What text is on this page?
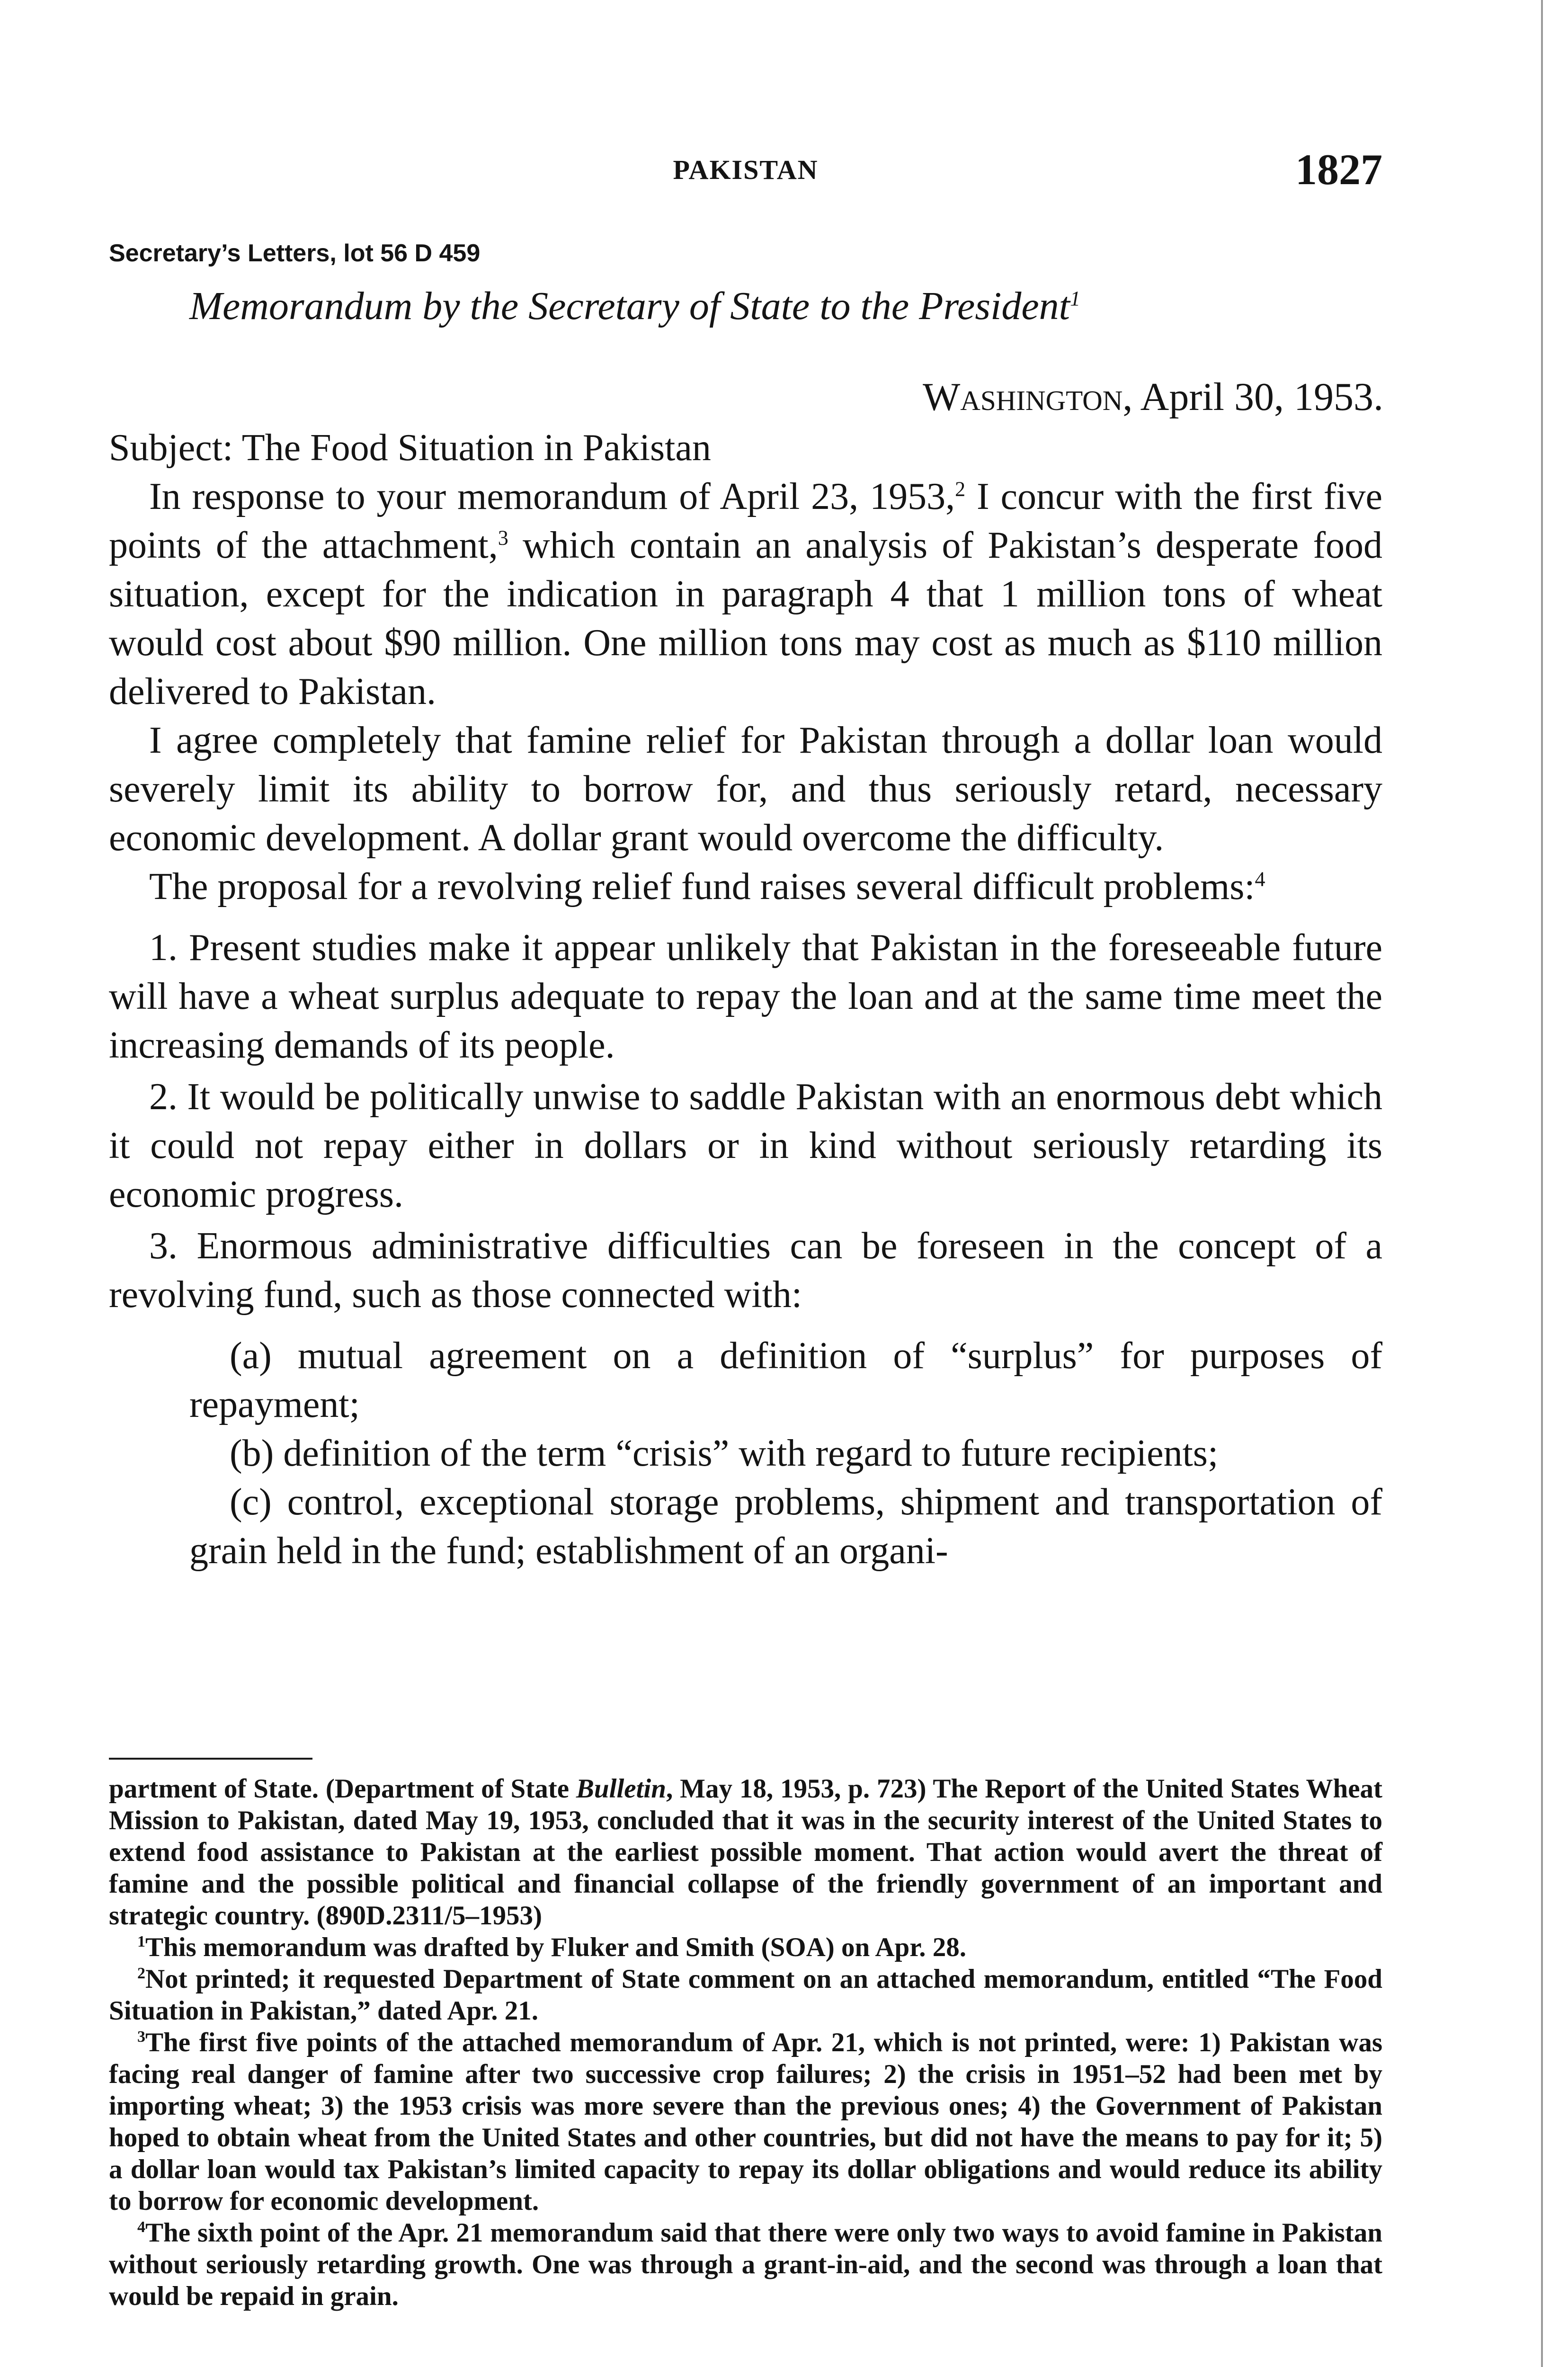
PAKISTAN	1827
Secretary’s Letters, lot 56 D 459
Memorandum by the Secretary of State to the President$^1$
Washington, April 30, 1953.

Subject: The Food Situation in Pakistan

In response to your memorandum of April 23, 1953,$^2$ I concur with the first five points of the attachment,$^3$ which contain an analysis of Pakistan’s desperate food situation, except for the indication in paragraph 4 that 1 million tons of wheat would cost about $90 million. One million tons may cost as much as $110 million delivered to Pakistan.

I agree completely that famine relief for Pakistan through a dollar loan would severely limit its ability to borrow for, and thus seriously retard, necessary economic development. A dollar grant would overcome the difficulty.

The proposal for a revolving relief fund raises several difficult problems:$^4$

1. Present studies make it appear unlikely that Pakistan in the foreseeable future will have a wheat surplus adequate to repay the loan and at the same time meet the increasing demands of its people.

2. It would be politically unwise to saddle Pakistan with an enormous debt which it could not repay either in dollars or in kind without seriously retarding its economic progress.

3. Enormous administrative difficulties can be foreseen in the concept of a revolving fund, such as those connected with:

(a) mutual agreement on a definition of “surplus” for purposes of repayment;

(b) definition of the term “crisis” with regard to future recipients;

(c) control, exceptional storage problems, shipment and transportation of grain held in the fund; establishment of an organi-

partment of State. (Department of State Bulletin, May 18, 1953, p. 723) The Report of the United States Wheat Mission to Pakistan, dated May 19, 1953, concluded that it was in the security interest of the United States to extend food assistance to Pakistan at the earliest possible moment. That action would avert the threat of famine and the possible political and financial collapse of the friendly government of an important and strategic country. (890D.2311/5–1953)

$^1$This memorandum was drafted by Fluker and Smith (SOA) on Apr. 28.

$^2$Not printed; it requested Department of State comment on an attached memorandum, entitled “The Food Situation in Pakistan,” dated Apr. 21.

$^3$The first five points of the attached memorandum of Apr. 21, which is not printed, were: 1) Pakistan was facing real danger of famine after two successive crop failures; 2) the crisis in 1951–52 had been met by importing wheat; 3) the 1953 crisis was more severe than the previous ones; 4) the Government of Pakistan hoped to obtain wheat from the United States and other countries, but did not have the means to pay for it; 5) a dollar loan would tax Pakistan’s limited capacity to repay its dollar obligations and would reduce its ability to borrow for economic development.

$^4$The sixth point of the Apr. 21 memorandum said that there were only two ways to avoid famine in Pakistan without seriously retarding growth. One was through a grant-in-aid, and the second was through a loan that would be repaid in grain.
